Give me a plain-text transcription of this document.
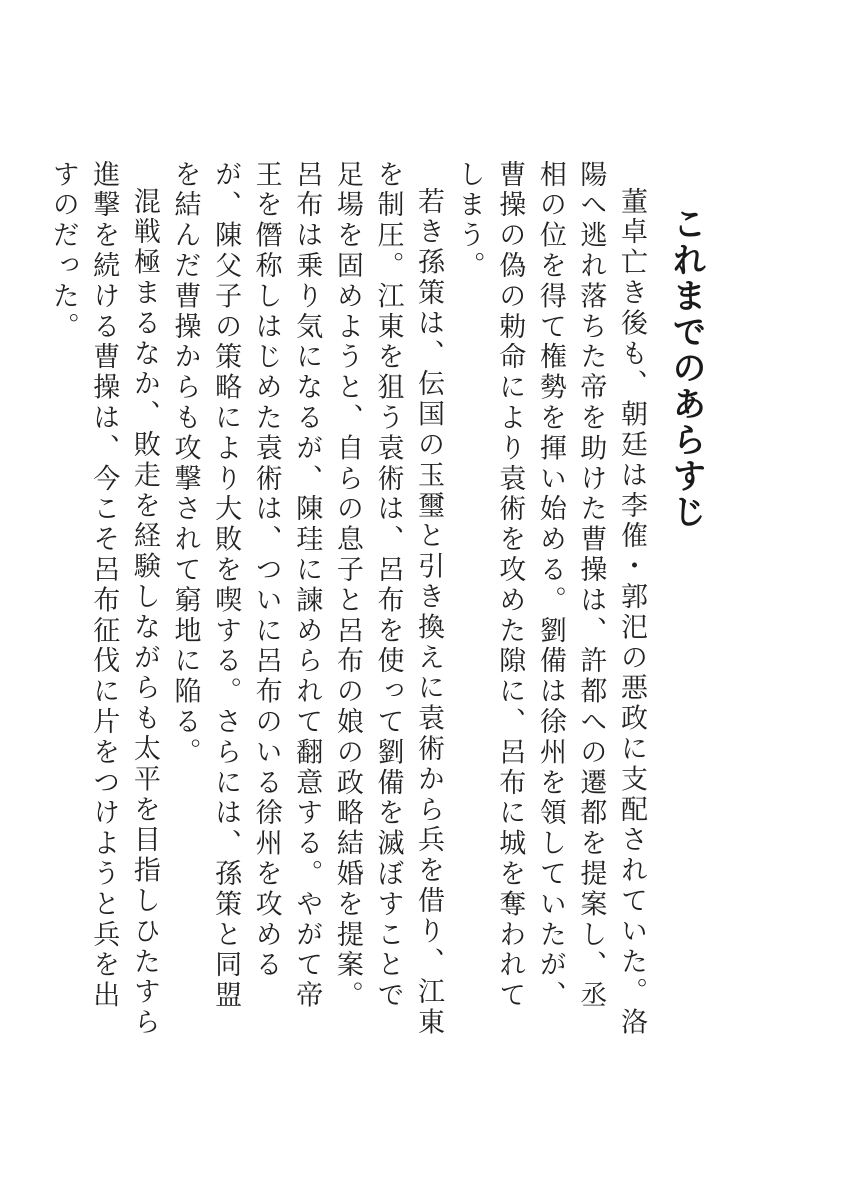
これまでのあらすじ

董卓亡き後も、朝廷は李傕・郭汜の悪政に支配されていた。洛陽へ逃れ落ちた帝を助けた曹操は、許都への遷都を提案し、丞相の位を得て権勢を揮い始める。劉備は徐州を領していたが、曹操の偽の勅命により袁術を攻めた隙に、呂布に城を奪われてしまう。

若き孫策は、伝国の玉璽と引き換えに袁術から兵を借り、江東を制圧。江東を狙う袁術は、呂布を使って劉備を滅ぼすことで足場を固めようと、自らの息子と呂布の娘の政略結婚を提案。呂布は乗り気になるが、陳珪に諫められて翻意する。やがて帝王を僭称しはじめた袁術は、ついに呂布のいる徐州を攻めるが、陳父子の策略により大敗を喫する。さらには、孫策と同盟を結んだ曹操からも攻撃されて窮地に陥る。

混戦極まるなか、敗走を経験しながらも太平を目指しひたすら進撃を続ける曹操は、今こそ呂布征伐に片をつけようと兵を出すのだった。
